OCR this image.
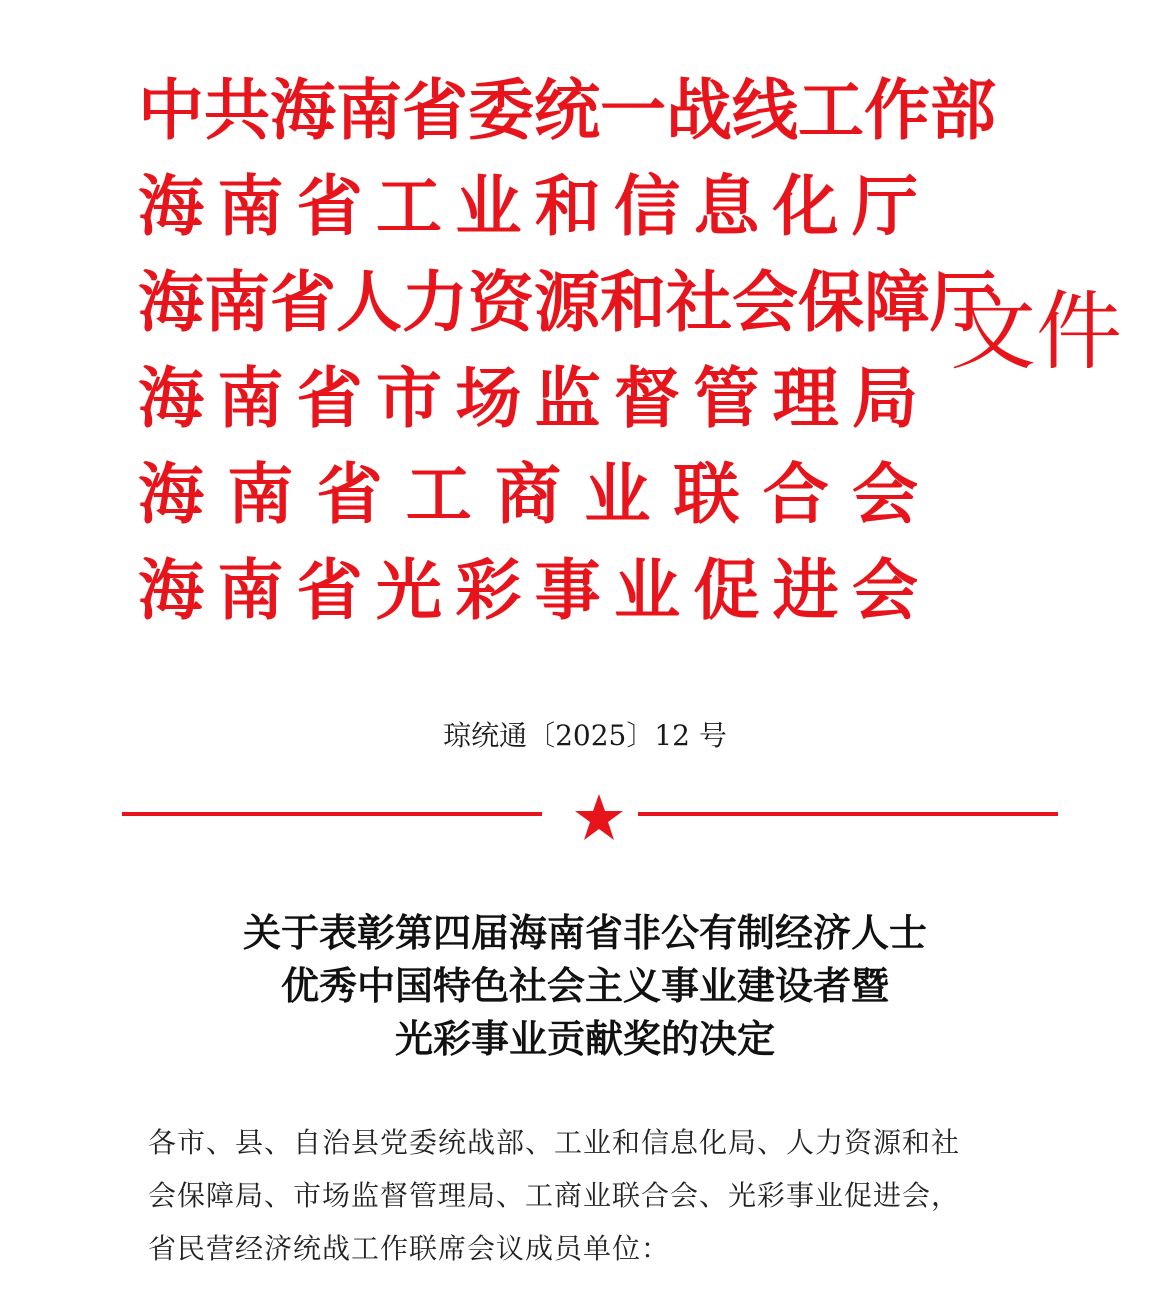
中共海南省委统一战线工作部
海南省工业和信息化厅
海南省人力资源和社会保障厅
海南省市场监督管理局
海南省工商业联合会
海南省光彩事业促进会
文件
琼统通〔2025〕12 号
关于表彰第四届海南省非公有制经济人士
优秀中国特色社会主义事业建设者暨
光彩事业贡献奖的决定
各市、县、自治县党委统战部、工业和信息化局、人力资源和社
会保障局、市场监督管理局、工商业联合会、光彩事业促进会，
省民营经济统战工作联席会议成员单位：
